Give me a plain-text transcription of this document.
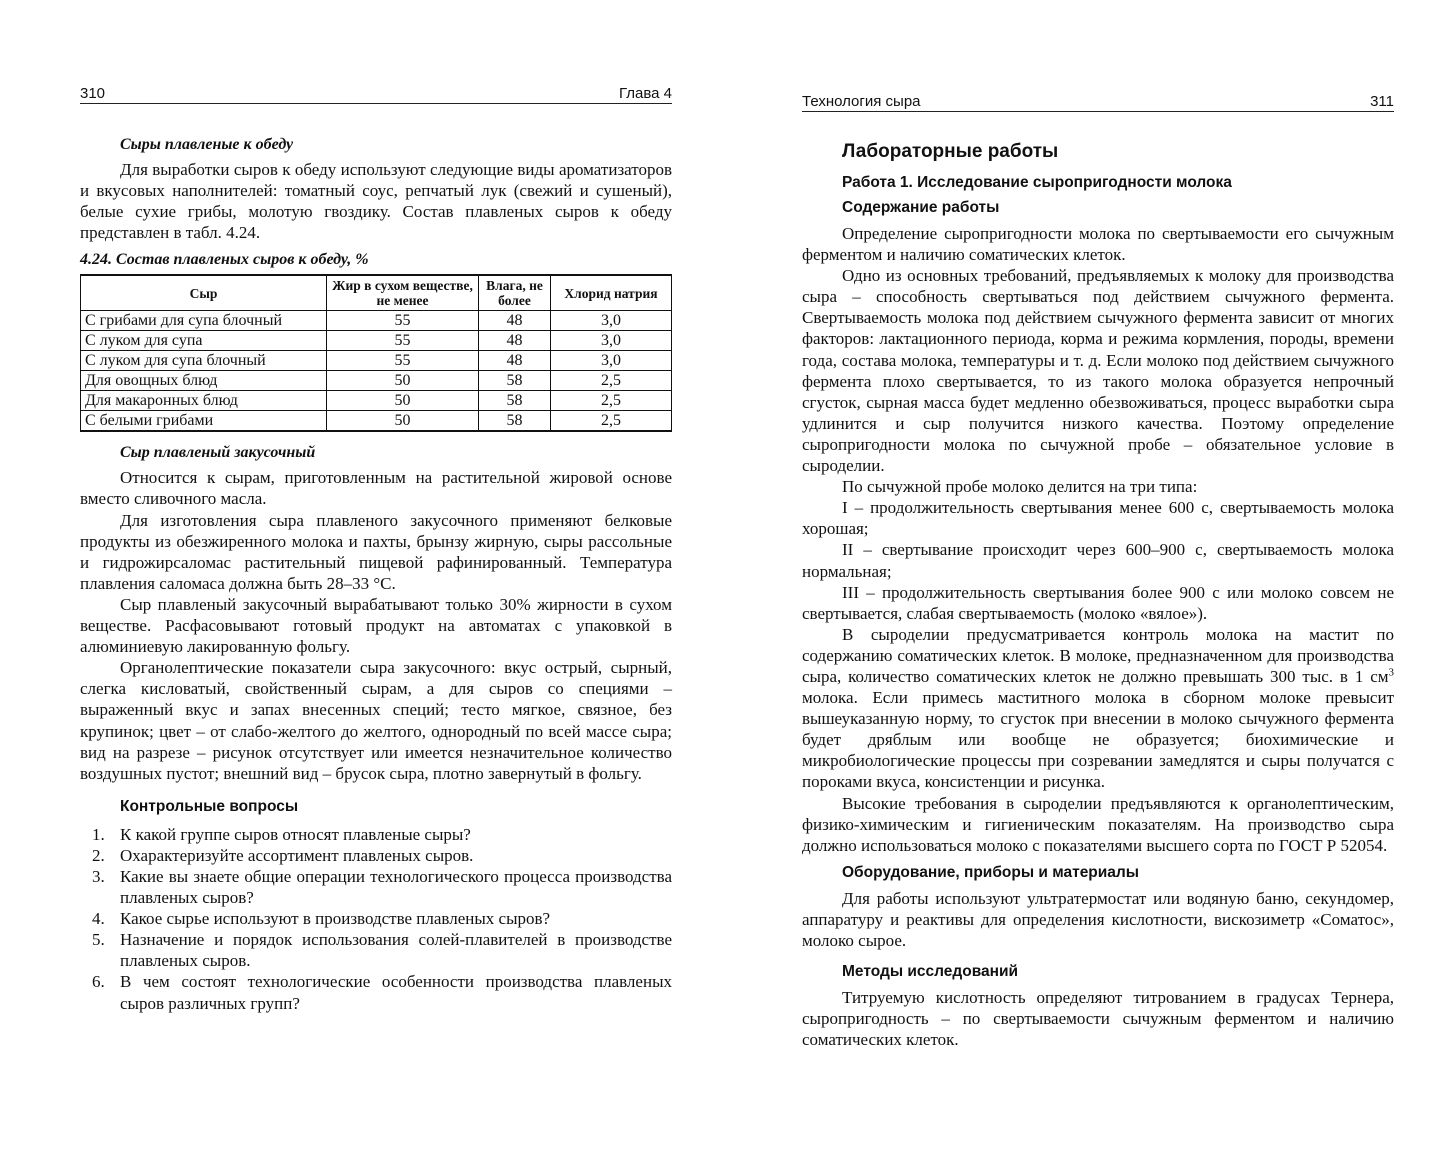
310	Глава 4
Сыры плавленые к обеду

Для выработки сыров к обеду используют следующие виды ароматизаторов и вкусовых наполнителей: томатный соус, репчатый лук (свежий и сушеный), белые сухие грибы, молотую гвоздику. Состав плавленых сыров к обеду представлен в табл. 4.24.

4.24. Состав плавленых сыров к обеду, %
Сыр	Жир в сухом веществе, не менее	Влага, не более	Хлорид натрия
С грибами для супа блочный	55	48	3,0
С луком для супа	55	48	3,0
С луком для супа блочный	55	48	3,0
Для овощных блюд	50	58	2,5
Для макаронных блюд	50	58	2,5
С белыми грибами	50	58	2,5
Сыр плавленый закусочный

Относится к сырам, приготовленным на растительной жировой основе вместо сливочного масла.

Для изготовления сыра плавленого закусочного применяют белковые продукты из обезжиренного молока и пахты, брынзу жирную, сыры рассольные и гидрожирсаломас растительный пищевой рафинированный. Температура плавления саломаса должна быть 28–33 °С.

Сыр плавленый закусочный вырабатывают только 30% жирности в сухом веществе. Расфасовывают готовый продукт на автоматах с упаковкой в алюминиевую лакированную фольгу.

Органолептические показатели сыра закусочного: вкус острый, сырный, слегка кисловатый, свойственный сырам, а для сыров со специями – выраженный вкус и запах внесенных специй; тесто мягкое, связное, без крупинок; цвет – от слабо-желтого до желтого, однородный по всей массе сыра; вид на разрезе – рисунок отсутствует или имеется незначительное количество воздушных пустот; внешний вид – брусок сыра, плотно завернутый в фольгу.

Контрольные вопросы
1. К какой группе сыров относят плавленые сыры?
2. Охарактеризуйте ассортимент плавленых сыров.
3. Какие вы знаете общие операции технологического процесса производства плавленых сыров?
4. Какое сырье используют в производстве плавленых сыров?
5. Назначение и порядок использования солей-плавителей в производстве плавленых сыров.
6. В чем состоят технологические особенности производства плавленых сыров различных групп?
Технология сыра	311
Лабораторные работы
Работа 1. Исследование сыропригодности молока
Содержание работы

Определение сыропригодности молока по свертываемости его сычужным ферментом и наличию соматических клеток.

Одно из основных требований, предъявляемых к молоку для производства сыра – способность свертываться под действием сычужного фермента. Свертываемость молока под действием сычужного фермента зависит от многих факторов: лактационного периода, корма и режима кормления, породы, времени года, состава молока, температуры и т. д. Если молоко под действием сычужного фермента плохо свертывается, то из такого молока образуется непрочный сгусток, сырная масса будет медленно обезвоживаться, процесс выработки сыра удлинится и сыр получится низкого качества. Поэтому определение сыропригодности молока по сычужной пробе – обязательное условие в сыроделии.

По сычужной пробе молоко делится на три типа:

I – продолжительность свертывания менее 600 с, свертываемость молока хорошая;

II – свертывание происходит через 600–900 с, свертываемость молока нормальная;

III – продолжительность свертывания более 900 с или молоко совсем не свертывается, слабая свертываемость (молоко «вялое»).

В сыроделии предусматривается контроль молока на мастит по содержанию соматических клеток. В молоке, предназначенном для производства сыра, количество соматических клеток не должно превышать 300 тыс. в 1 $см^3$ молока. Если примесь маститного молока в сборном молоке превысит вышеуказанную норму, то сгусток при внесении в молоко сычужного фермента будет дряблым или вообще не образуется; биохимические и микробиологические процессы при созревании замедлятся и сыры получатся с пороками вкуса, консистенции и рисунка.

Высокие требования в сыроделии предъявляются к органолептическим, физико-химическим и гигиеническим показателям. На производство сыра должно использоваться молоко с показателями высшего сорта по ГОСТ Р 52054.

Оборудование, приборы и материалы

Для работы используют ультратермостат или водяную баню, секундомер, аппаратуру и реактивы для определения кислотности, вискозиметр «Соматос», молоко сырое.

Методы исследований

Титруемую кислотность определяют титрованием в градусах Тернера, сыропригодность – по свертываемости сычужным ферментом и наличию соматических клеток.
